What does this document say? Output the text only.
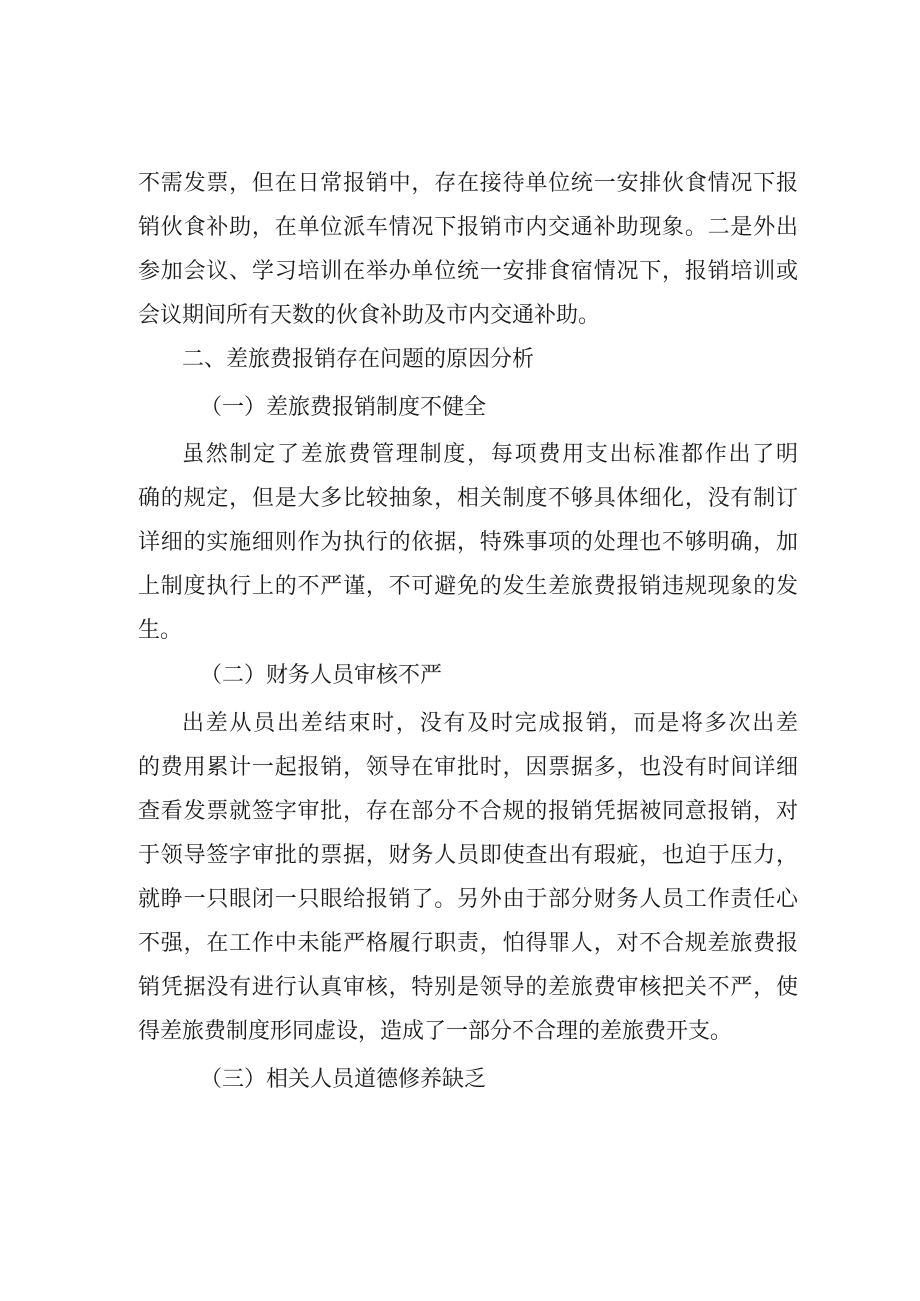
不需发票，但在日常报销中，存在接待单位统一安排伙食情况下报

销伙食补助，在单位派车情况下报销市内交通补助现象。二是外出

参加会议、学习培训在举办单位统一安排食宿情况下，报销培训或

会议期间所有天数的伙食补助及市内交通补助。

二、差旅费报销存在问题的原因分析

（一）差旅费报销制度不健全

虽然制定了差旅费管理制度，每项费用支出标准都作出了明

确的规定，但是大多比较抽象，相关制度不够具体细化，没有制订

详细的实施细则作为执行的依据，特殊事项的处理也不够明确，加

上制度执行上的不严谨，不可避免的发生差旅费报销违规现象的发

生。

（二）财务人员审核不严

出差从员出差结束时，没有及时完成报销，而是将多次出差

的费用累计一起报销，领导在审批时，因票据多，也没有时间详细

查看发票就签字审批，存在部分不合规的报销凭据被同意报销，对

于领导签字审批的票据，财务人员即使查出有瑕疵，也迫于压力，

就睁一只眼闭一只眼给报销了。另外由于部分财务人员工作责任心

不强，在工作中未能严格履行职责，怕得罪人，对不合规差旅费报

销凭据没有进行认真审核，特别是领导的差旅费审核把关不严，使

得差旅费制度形同虚设，造成了一部分不合理的差旅费开支。

（三）相关人员道德修养缺乏
